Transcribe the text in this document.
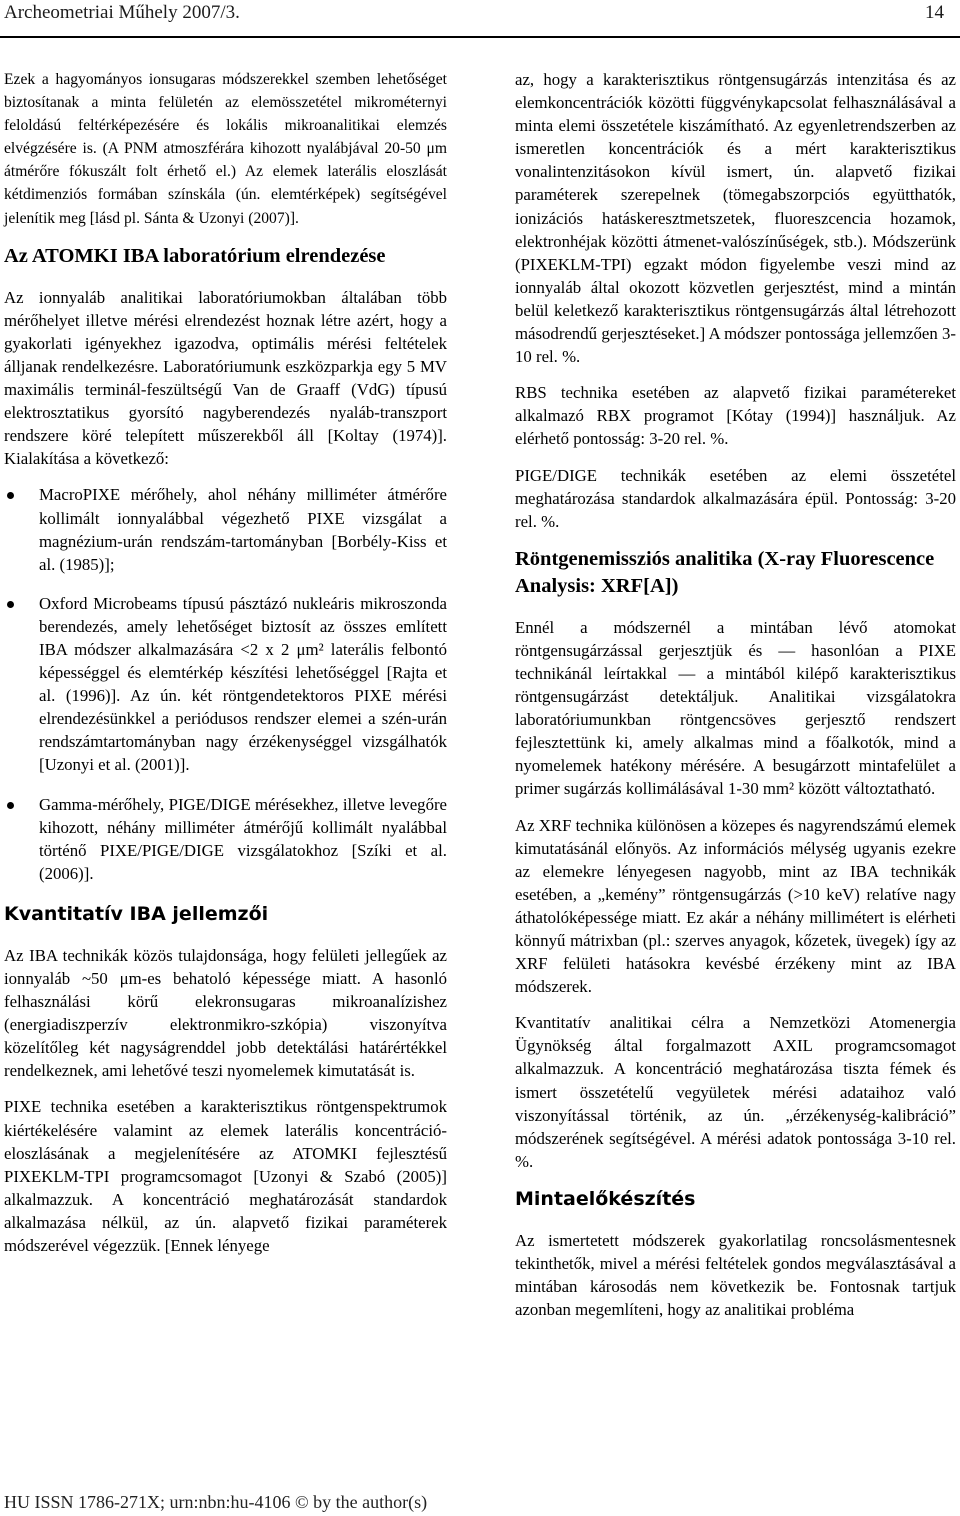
Archeometriai Műhely 2007/3.	14

Ezek a hagyományos ionsugaras módszerekkel szemben lehetőséget biztosítanak a minta felületén az elemösszetétel mikrométernyi feloldású feltérképezésére és lokális mikroanalitikai elemzés elvégzésére is. (A PNM atmoszférára kihozott nyalábjával 20-50 μm átmérőre fókuszált folt érhető el.) Az elemek laterális eloszlását kétdimenziós formában színskála (ún. elemtérképek) segítségével jelenítik meg [lásd pl. Sánta & Uzonyi (2007)].

Az ATOMKI IBA laboratórium elrendezése

Az ionnyaláb analitikai laboratóriumokban általában több mérőhelyet illetve mérési elrendezést hoznak létre azért, hogy a gyakorlati igényekhez igazodva, optimális mérési feltételek álljanak rendelkezésre. Laboratóriumunk eszközparkja egy 5 MV maximális terminál-feszültségű Van de Graaff (VdG) típusú elektrosztatikus gyorsító nagyberendezés nyaláb-transzport rendszere köré telepített műszerekből áll [Koltay (1974)]. Kialakítása a következő:

MacroPIXE mérőhely, ahol néhány milliméter átmérőre kollimált ionnyalábbal végezhető PIXE vizsgálat a magnézium-urán rendszám-tartományban [Borbély-Kiss et al. (1985)];

Oxford Microbeams típusú pásztázó nukleáris mikroszonda berendezés, amely lehetőséget biztosít az összes említett IBA módszer alkalmazására <2 x 2 μm² laterális felbontó képességgel és elemtérkép készítési lehetőséggel [Rajta et al. (1996)]. Az ún. két röntgendetektoros PIXE mérési elrendezésünkkel a periódusos rendszer elemei a szén-urán rendszámtartományban nagy érzékenységgel vizsgálhatók [Uzonyi et al. (2001)].

Gamma-mérőhely, PIGE/DIGE mérésekhez, illetve levegőre kihozott, néhány milliméter átmérőjű kollimált nyalábbal történő PIXE/PIGE/DIGE vizsgálatokhoz [Szíki et al. (2006)].

Kvantitatív IBA jellemzői

Az IBA technikák közös tulajdonsága, hogy felületi jellegűek az ionnyaláb ~50 μm-es behatoló képessége miatt. A hasonló felhasználási körű elekronsugaras mikroanalízishez (energiadiszperzív elektronmikro-szkópia) viszonyítva közelítőleg két nagyságrenddel jobb detektálási határértékkel rendelkeznek, ami lehetővé teszi nyomelemek kimutatását is.

PIXE technika esetében a karakterisztikus röntgenspektrumok kiértékelésére valamint az elemek laterális koncentráció-eloszlásának a megjelenítésére az ATOMKI fejlesztésű PIXEKLM-TPI programcsomagot [Uzonyi & Szabó (2005)] alkalmazzuk. A koncentráció meghatározását standardok alkalmazása nélkül, az ún. alapvető fizikai paraméterek módszerével végezzük. [Ennek lényege

az, hogy a karakterisztikus röntgensugárzás intenzitása és az elemkoncentrációk közötti függvénykapcsolat felhasználásával a minta elemi összetétele kiszámítható. Az egyenletrendszerben az ismeretlen koncentrációk és a mért karakterisztikus vonalintenzitásokon kívül ismert, ún. alapvető fizikai paraméterek szerepelnek (tömegabszorpciós együtthatók, ionizációs hatáskeresztmetszetek, fluoreszcencia hozamok, elektronhéjak közötti átmenet-valószínűségek, stb.). Módszerünk (PIXEKLM-TPI) egzakt módon figyelembe veszi mind az ionnyaláb által okozott közvetlen gerjesztést, mind a mintán belül keletkező karakterisztikus röntgensugárzás által létrehozott másodrendű gerjesztéseket.] A módszer pontossága jellemzően 3-10 rel. %.

RBS technika esetében az alapvető fizikai paramétereket alkalmazó RBX programot [Kótay (1994)] használjuk. Az elérhető pontosság: 3-20 rel. %.

PIGE/DIGE technikák esetében az elemi összetétel meghatározása standardok alkalmazására épül. Pontosság: 3-20 rel. %.

Röntgenemissziós analitika (X-ray Fluorescence Analysis: XRF[A])

Ennél a módszernél a mintában lévő atomokat röntgensugárzással gerjesztjük és — hasonlóan a PIXE technikánál leírtakkal — a mintából kilépő karakterisztikus röntgensugárzást detektáljuk. Analitikai vizsgálatokra laboratóriumunkban röntgencsöves gerjesztő rendszert fejlesztettünk ki, amely alkalmas mind a főalkotók, mind a nyomelemek hatékony mérésére. A besugárzott mintafelület a primer sugárzás kollimálásával 1-30 mm² között változtatható.

Az XRF technika különösen a közepes és nagyrendszámú elemek kimutatásánál előnyös. Az információs mélység ugyanis ezekre az elemekre lényegesen nagyobb, mint az IBA technikák esetében, a „kemény” röntgensugárzás (>10 keV) relatíve nagy áthatolóképessége miatt. Ez akár a néhány millimétert is elérheti könnyű mátrixban (pl.: szerves anyagok, kőzetek, üvegek) így az XRF felületi hatásokra kevésbé érzékeny mint az IBA módszerek.

Kvantitatív analitikai célra a Nemzetközi Atomenergia Ügynökség által forgalmazott AXIL programcsomagot alkalmazzuk. A koncentráció meghatározása tiszta fémek és ismert összetételű vegyületek mérési adataihoz való viszonyítással történik, az ún. „érzékenység-kalibráció” módszerének segítségével. A mérési adatok pontossága 3-10 rel. %.

Mintaelőkészítés

Az ismertetett módszerek gyakorlatilag roncsolásmentesnek tekinthetők, mivel a mérési feltételek gondos megválasztásával a mintában károsodás nem következik be. Fontosnak tartjuk azonban megemlíteni, hogy az analitikai probléma

HU ISSN 1786-271X; urn:nbn:hu-4106 © by the author(s)
